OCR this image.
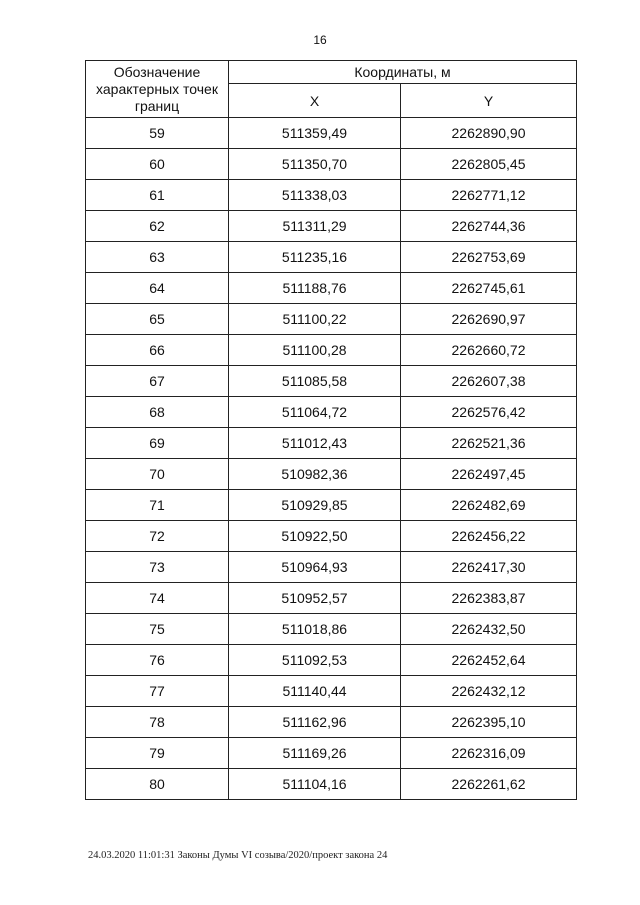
16
Обозначение характерных точек границ	Координаты, м	
	X	Y
59	511359,49	2262890,90
60	511350,70	2262805,45
61	511338,03	2262771,12
62	511311,29	2262744,36
63	511235,16	2262753,69
64	511188,76	2262745,61
65	511100,22	2262690,97
66	511100,28	2262660,72
67	511085,58	2262607,38
68	511064,72	2262576,42
69	511012,43	2262521,36
70	510982,36	2262497,45
71	510929,85	2262482,69
72	510922,50	2262456,22
73	510964,93	2262417,30
74	510952,57	2262383,87
75	511018,86	2262432,50
76	511092,53	2262452,64
77	511140,44	2262432,12
78	511162,96	2262395,10
79	511169,26	2262316,09
80	511104,16	2262261,62
24.03.2020 11:01:31 Законы Думы VI созыва/2020/проект закона 24
